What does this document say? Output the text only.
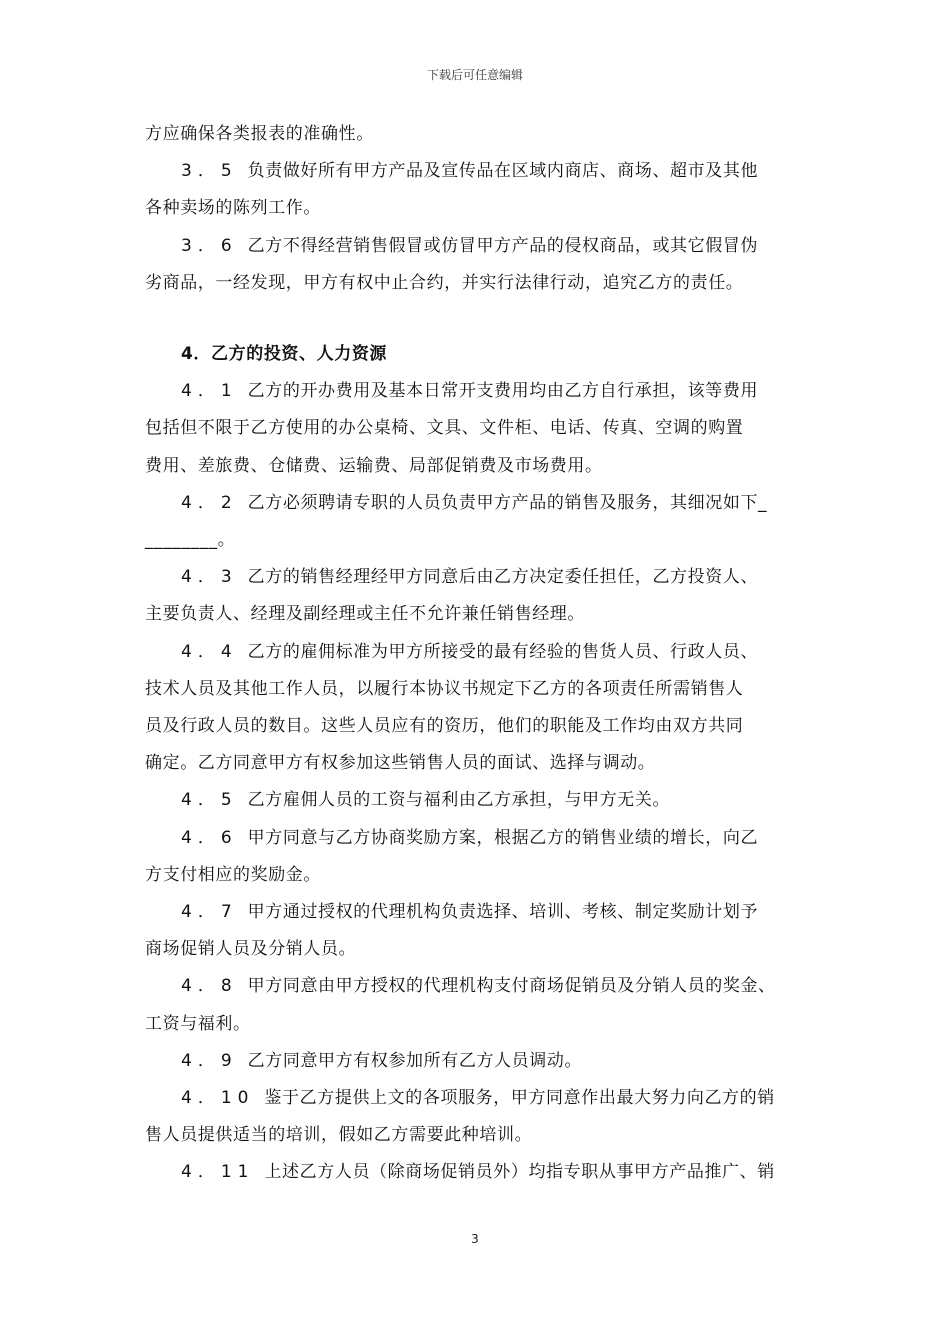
下载后可任意编辑

方应确保各类报表的准确性。

3．5 负责做好所有甲方产品及宣传品在区域内商店、商场、超市及其他

各种卖场的陈列工作。

3．6 乙方不得经营销售假冒或仿冒甲方产品的侵权商品，或其它假冒伪

劣商品，一经发现，甲方有权中止合约，并实行法律行动，追究乙方的责任。

4．乙方的投资、人力资源

4．1 乙方的开办费用及基本日常开支费用均由乙方自行承担，该等费用

包括但不限于乙方使用的办公桌椅、文具、文件柜、电话、传真、空调的购置

费用、差旅费、仓储费、运输费、局部促销费及市场费用。

4．2 乙方必须聘请专职的人员负责甲方产品的销售及服务，其细况如下_

________。

4．3 乙方的销售经理经甲方同意后由乙方决定委任担任，乙方投资人、

主要负责人、经理及副经理或主任不允许兼任销售经理。

4．4 乙方的雇佣标准为甲方所接受的最有经验的售货人员、行政人员、

技术人员及其他工作人员，以履行本协议书规定下乙方的各项责任所需销售人

员及行政人员的数目。这些人员应有的资历，他们的职能及工作均由双方共同

确定。乙方同意甲方有权参加这些销售人员的面试、选择与调动。

4．5 乙方雇佣人员的工资与福利由乙方承担，与甲方无关。

4．6 甲方同意与乙方协商奖励方案，根据乙方的销售业绩的增长，向乙

方支付相应的奖励金。

4．7 甲方通过授权的代理机构负责选择、培训、考核、制定奖励计划予

商场促销人员及分销人员。

4．8 甲方同意由甲方授权的代理机构支付商场促销员及分销人员的奖金、

工资与福利。

4．9 乙方同意甲方有权参加所有乙方人员调动。

4．10 鉴于乙方提供上文的各项服务，甲方同意作出最大努力向乙方的销

售人员提供适当的培训，假如乙方需要此种培训。

4．11 上述乙方人员（除商场促销员外）均指专职从事甲方产品推广、销

3
